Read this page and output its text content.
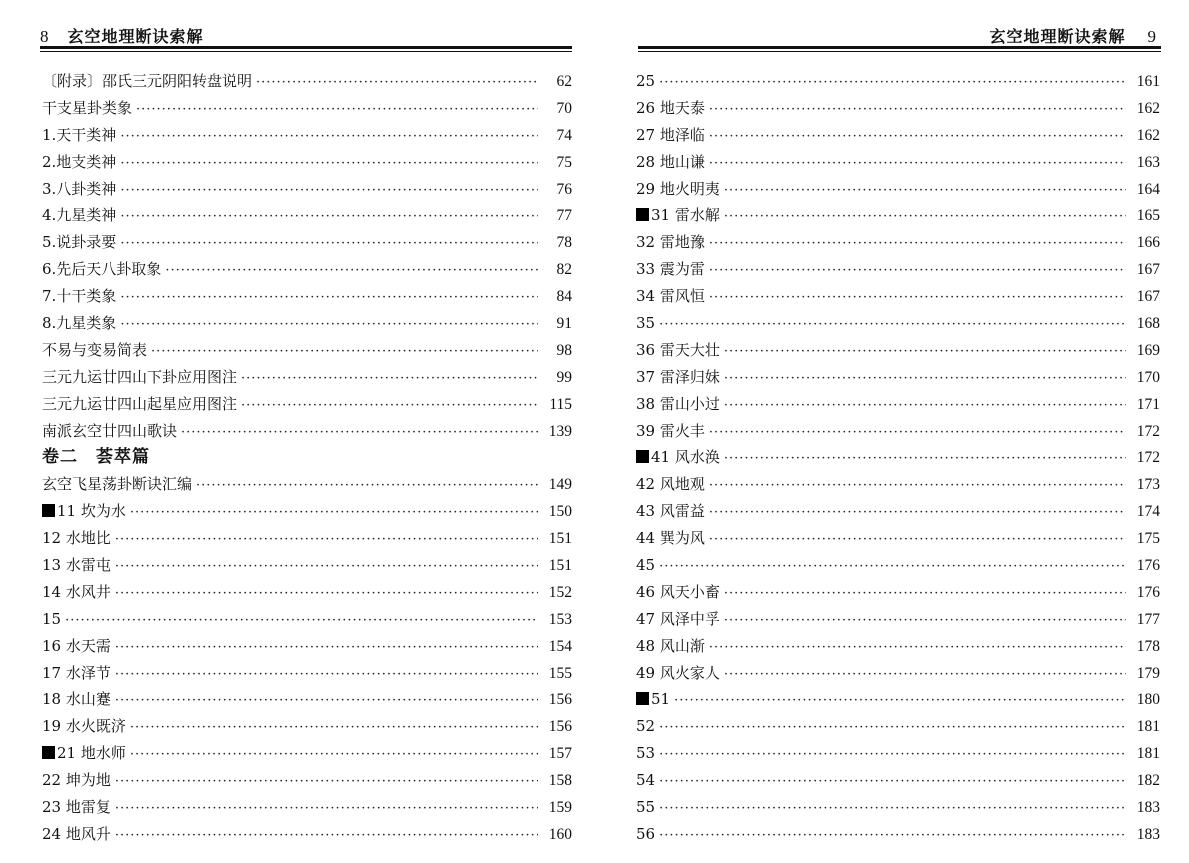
8 玄空地理断诀索解
〔附录〕邵氏三元阴阳转盘说明 ·····	62
干支星卦类象 ·····	70
1.天干类神 ·····	74
2.地支类神 ·····	75
3.八卦类神 ·····	76
4.九星类神 ·····	77
5.说卦录要 ·····	78
6.先后天八卦取象 ·····	82
7.十干类象 ·····	84
8.九星类象 ·····	91
不易与变易简表 ·····	98
三元九运廿四山下卦应用图注 ·····	99
三元九运廿四山起星应用图注 ·····	115
南派玄空廿四山歌诀 ·····	139
卷二　荟萃篇
玄空飞星荡卦断诀汇编 ·····	149
11 坎为水 ·····	150
12 水地比 ·····	151
13 水雷屯 ·····	151
14 水风井 ·····	152
15 ·····	153
16 水天需 ·····	154
17 水泽节 ·····	155
18 水山蹇 ·····	156
19 水火既济 ·····	156
21 地水师 ·····	157
22 坤为地 ·····	158
23 地雷复 ·····	159
24 地风升 ·····	160
玄空地理断诀索解 9
25 ·····	161
26 地天泰 ·····	162
27 地泽临 ·····	162
28 地山谦 ·····	163
29 地火明夷 ·····	164
31 雷水解 ·····	165
32 雷地豫 ·····	166
33 震为雷 ·····	167
34 雷风恒 ·····	167
35 ·····	168
36 雷天大壮 ·····	169
37 雷泽归妹 ·····	170
38 雷山小过 ·····	171
39 雷火丰 ·····	172
41 风水涣 ·····	172
42 风地观 ·····	173
43 风雷益 ·····	174
44 巽为风 ·····	175
45 ·····	176
46 风天小畜 ·····	176
47 风泽中孚 ·····	177
48 风山渐 ·····	178
49 风火家人 ·····	179
51 ·····	180
52 ·····	181
53 ·····	181
54 ·····	182
55 ·····	183
56 ·····	183
